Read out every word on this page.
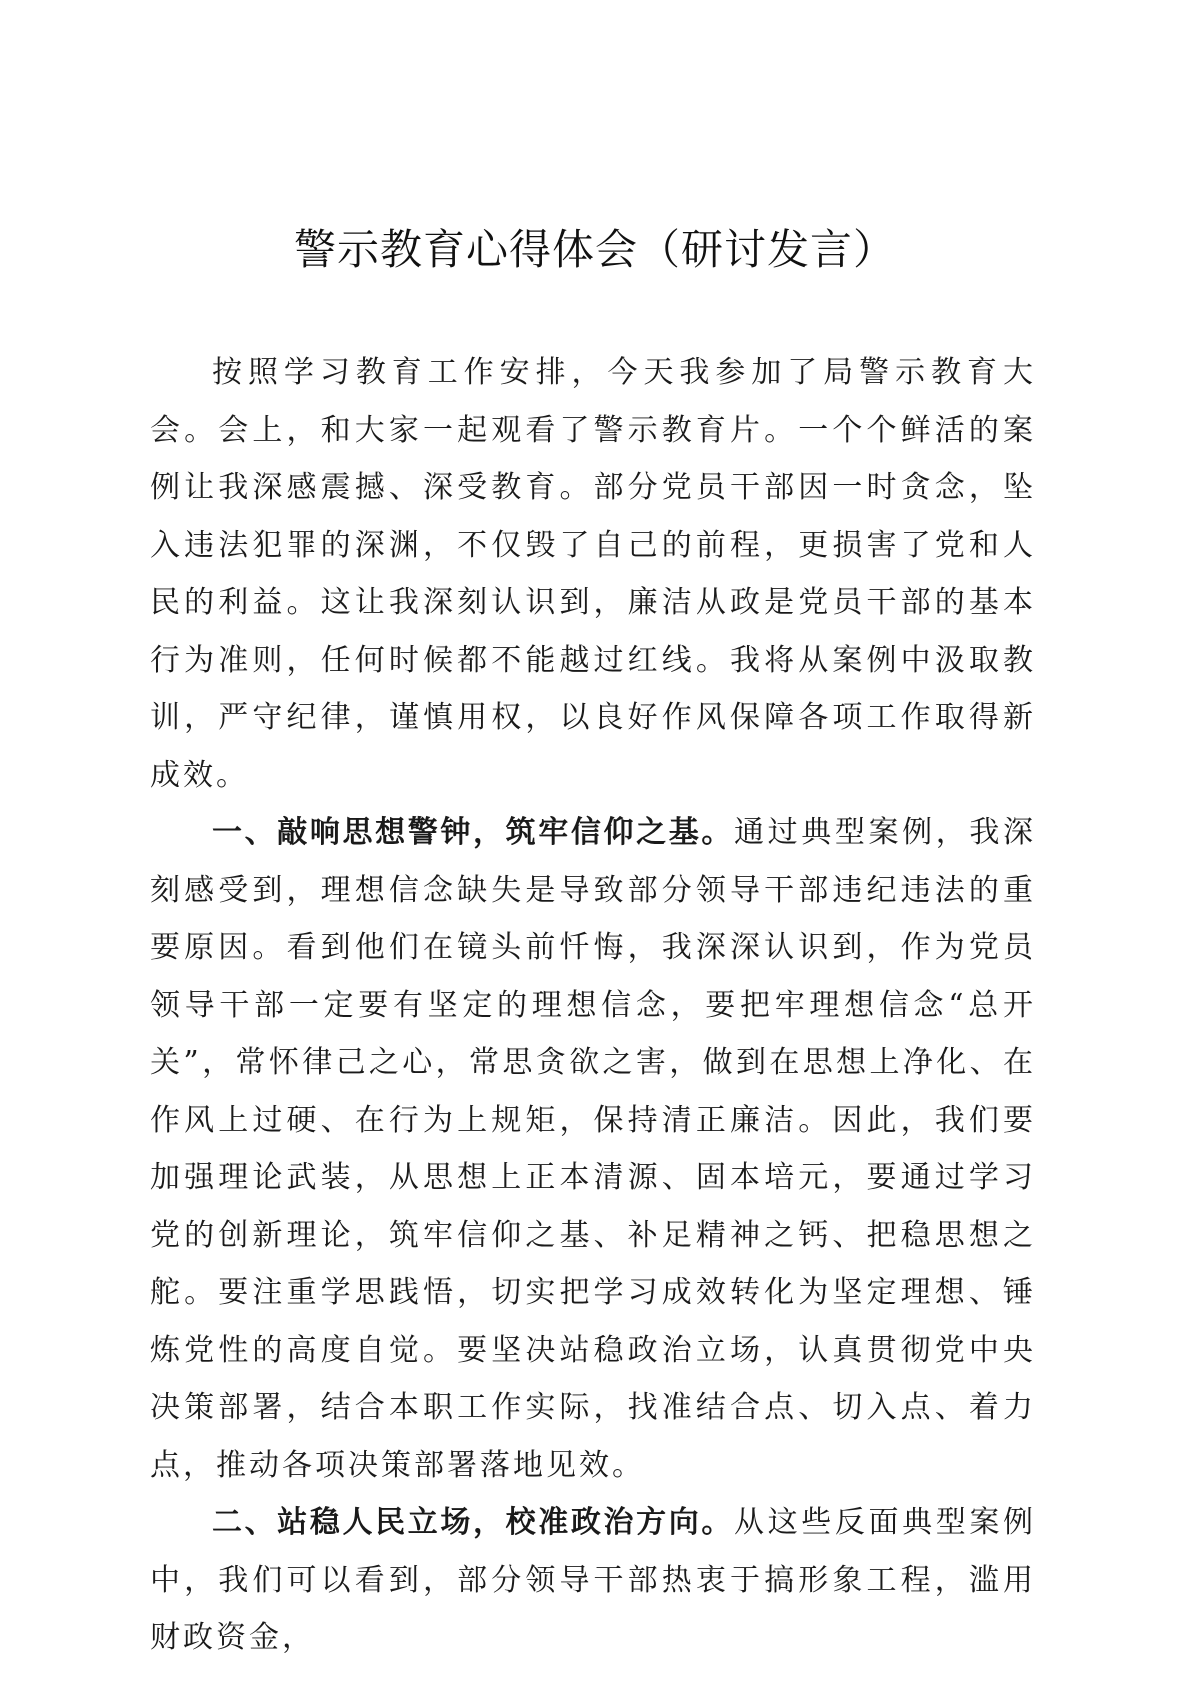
警示教育心得体会（研讨发言）

按照学习教育工作安排，今天我参加了局警示教育大会。会上，和大家一起观看了警示教育片。一个个鲜活的案例让我深感震撼、深受教育。部分党员干部因一时贪念，坠入违法犯罪的深渊，不仅毁了自己的前程，更损害了党和人民的利益。这让我深刻认识到，廉洁从政是党员干部的基本行为准则，任何时候都不能越过红线。我将从案例中汲取教训，严守纪律，谨慎用权，以良好作风保障各项工作取得新成效。

一、敲响思想警钟，筑牢信仰之基。通过典型案例，我深刻感受到，理想信念缺失是导致部分领导干部违纪违法的重要原因。看到他们在镜头前忏悔，我深深认识到，作为党员领导干部一定要有坚定的理想信念，要把牢理想信念“总开关”，常怀律己之心，常思贪欲之害，做到在思想上净化、在作风上过硬、在行为上规矩，保持清正廉洁。因此，我们要加强理论武装，从思想上正本清源、固本培元，要通过学习党的创新理论，筑牢信仰之基、补足精神之钙、把稳思想之舵。要注重学思践悟，切实把学习成效转化为坚定理想、锤炼党性的高度自觉。要坚决站稳政治立场，认真贯彻党中央决策部署，结合本职工作实际，找准结合点、切入点、着力点，推动各项决策部署落地见效。

二、站稳人民立场，校准政治方向。从这些反面典型案例中，我们可以看到，部分领导干部热衷于搞形象工程，滥用财政资金，
